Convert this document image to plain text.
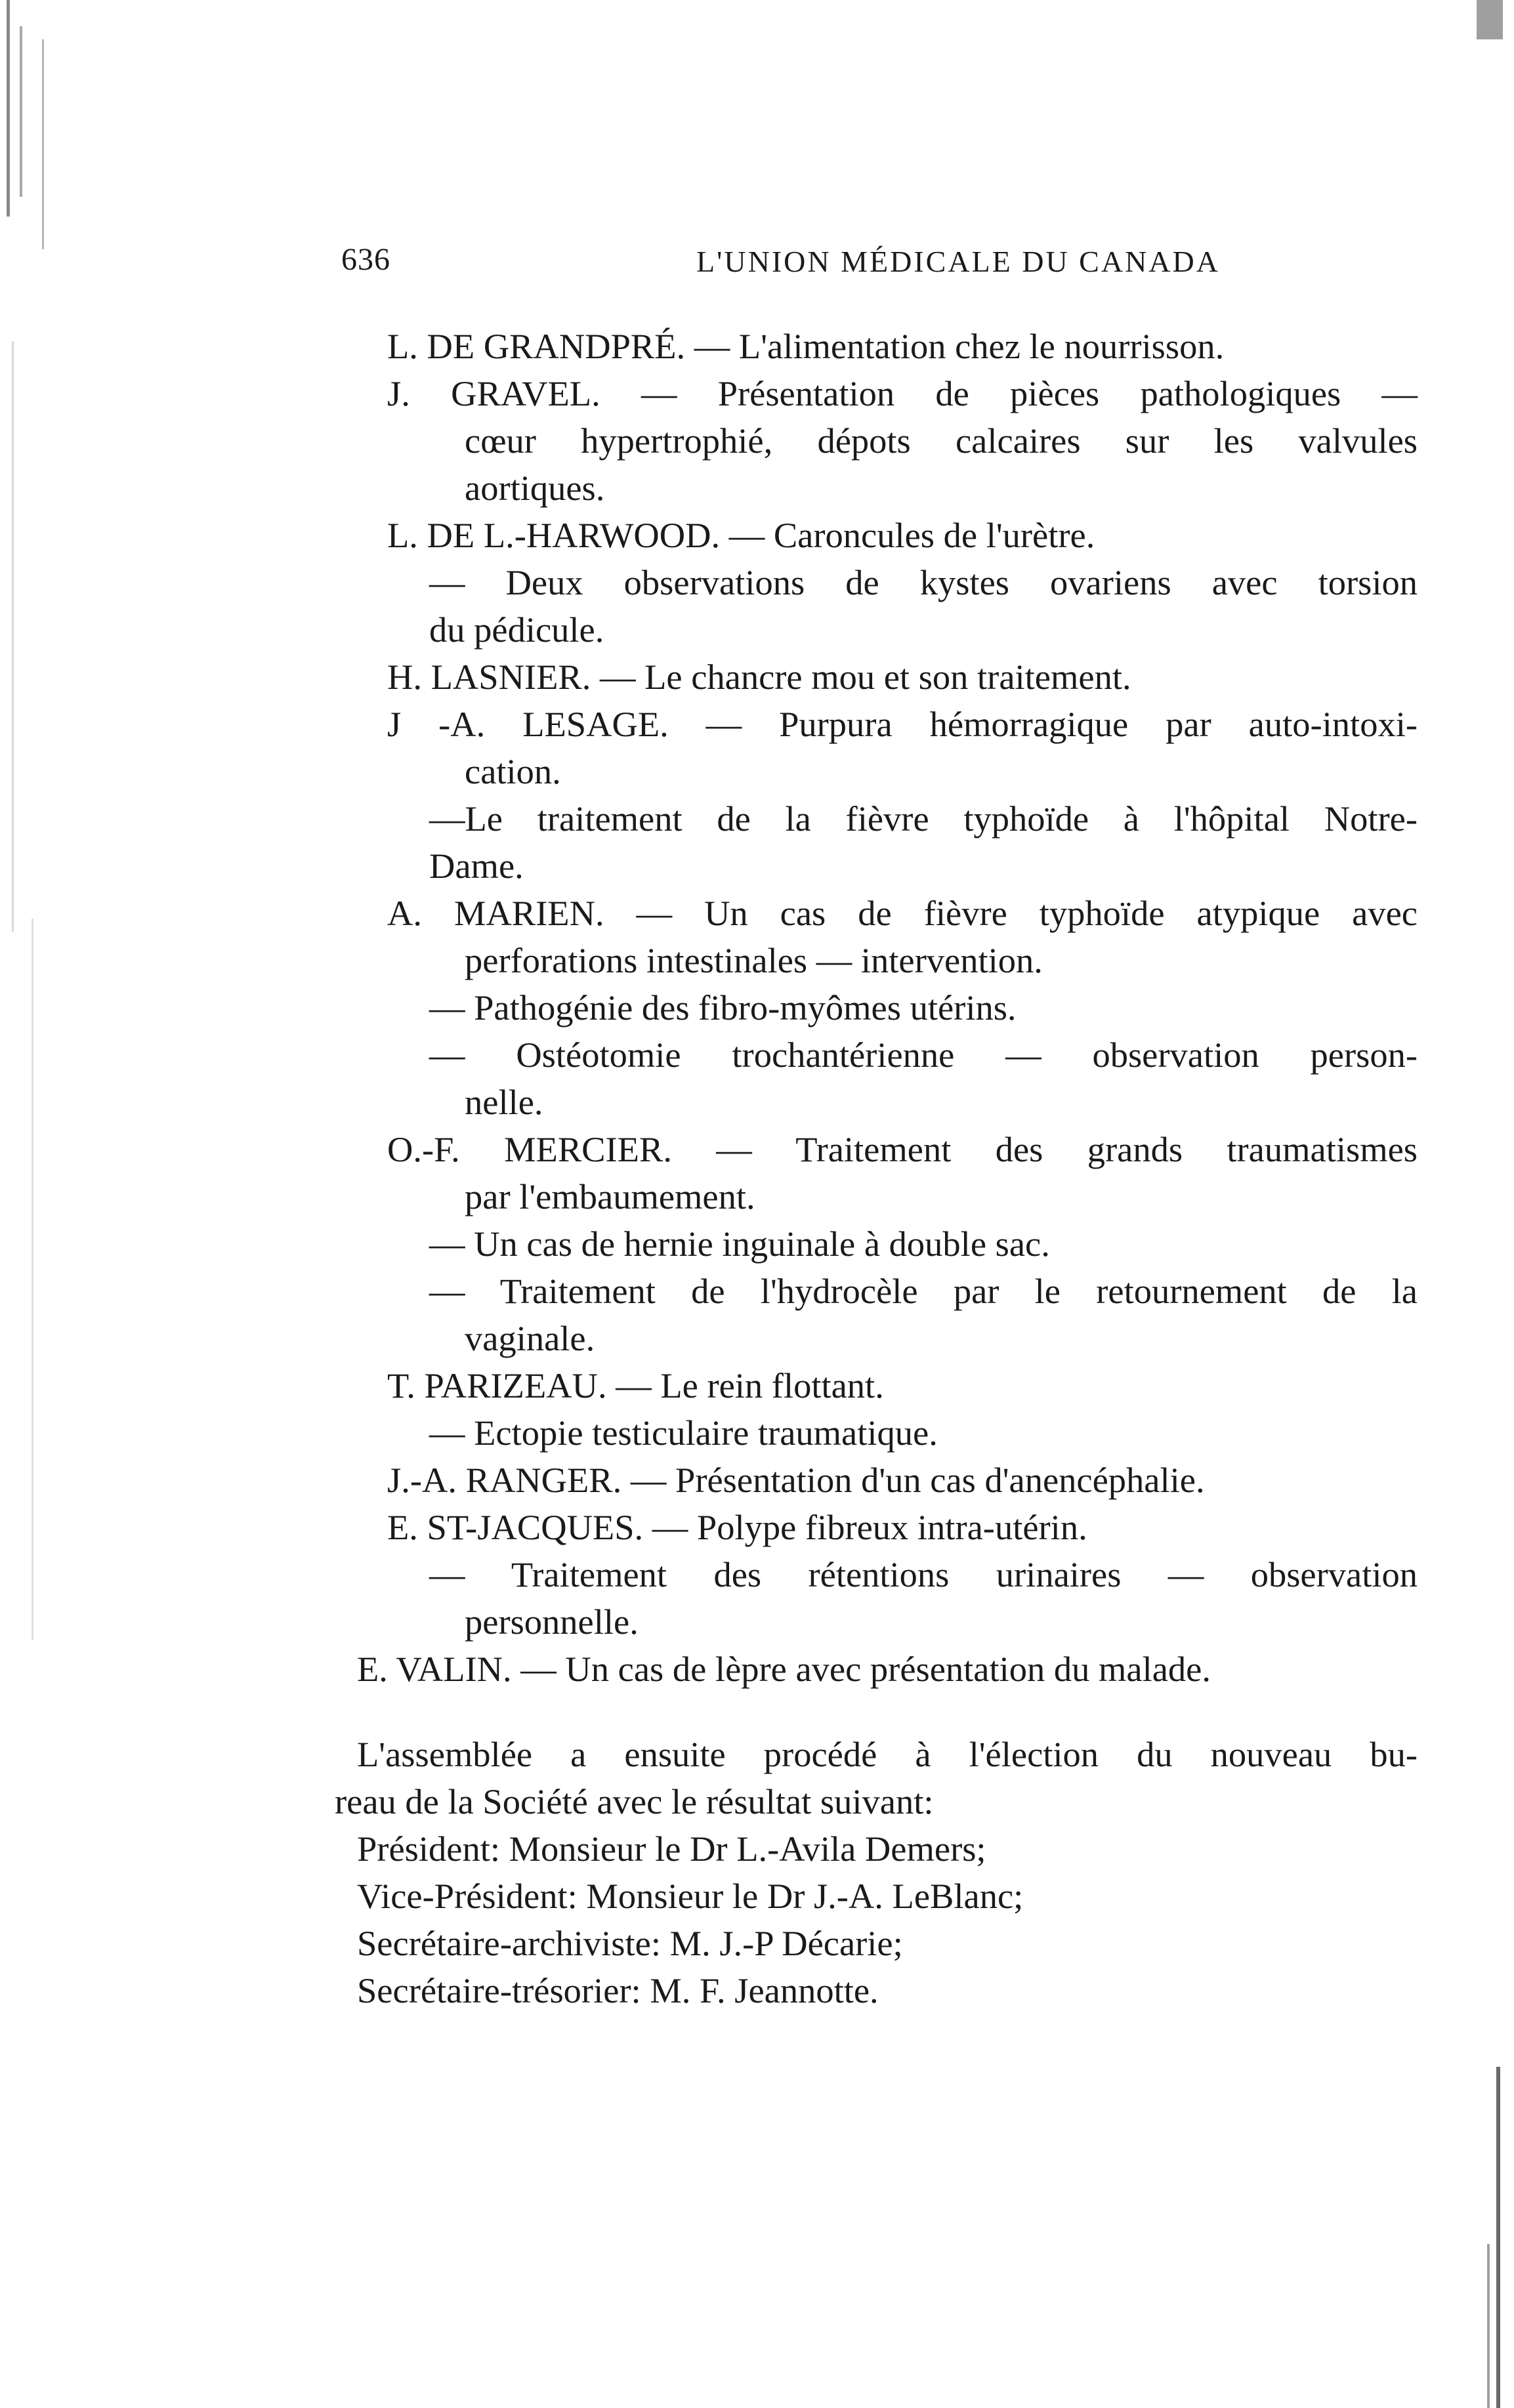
636	L'UNION MÉDICALE DU CANADA
L. DE GRANDPRÉ. — L'alimentation chez le nourrisson.
J. GRAVEL. — Présentation de pièces pathologiques —
cœur hypertrophié, dépots calcaires sur les valvules
aortiques.
L. DE L.-HARWOOD. — Caroncules de l'urètre.
— Deux observations de kystes ovariens avec torsion
du pédicule.
H. LASNIER. — Le chancre mou et son traitement.
J -A. LESAGE. — Purpura hémorragique par auto-intoxi-
cation.
—Le traitement de la fièvre typhoïde à l'hôpital Notre-
Dame.
A. MARIEN. — Un cas de fièvre typhoïde atypique avec
perforations intestinales — intervention.
— Pathogénie des fibro-myômes utérins.
— Ostéotomie trochantérienne — observation person-
nelle.
O.-F. MERCIER. — Traitement des grands traumatismes
par l'embaumement.
— Un cas de hernie inguinale à double sac.
— Traitement de l'hydrocèle par le retournement de la
vaginale.
T. PARIZEAU. — Le rein flottant.
— Ectopie testiculaire traumatique.
J.-A. RANGER. — Présentation d'un cas d'anencéphalie.
E. ST-JACQUES. — Polype fibreux intra-utérin.
— Traitement des rétentions urinaires — observation
personnelle.
E. VALIN. — Un cas de lèpre avec présentation du malade.
L'assemblée a ensuite procédé à l'élection du nouveau bu-
reau de la Société avec le résultat suivant:
Président: Monsieur le Dr L.-Avila Demers;
Vice-Président: Monsieur le Dr J.-A. LeBlanc;
Secrétaire-archiviste: M. J.-P Décarie;
Secrétaire-trésorier: M. F. Jeannotte.
